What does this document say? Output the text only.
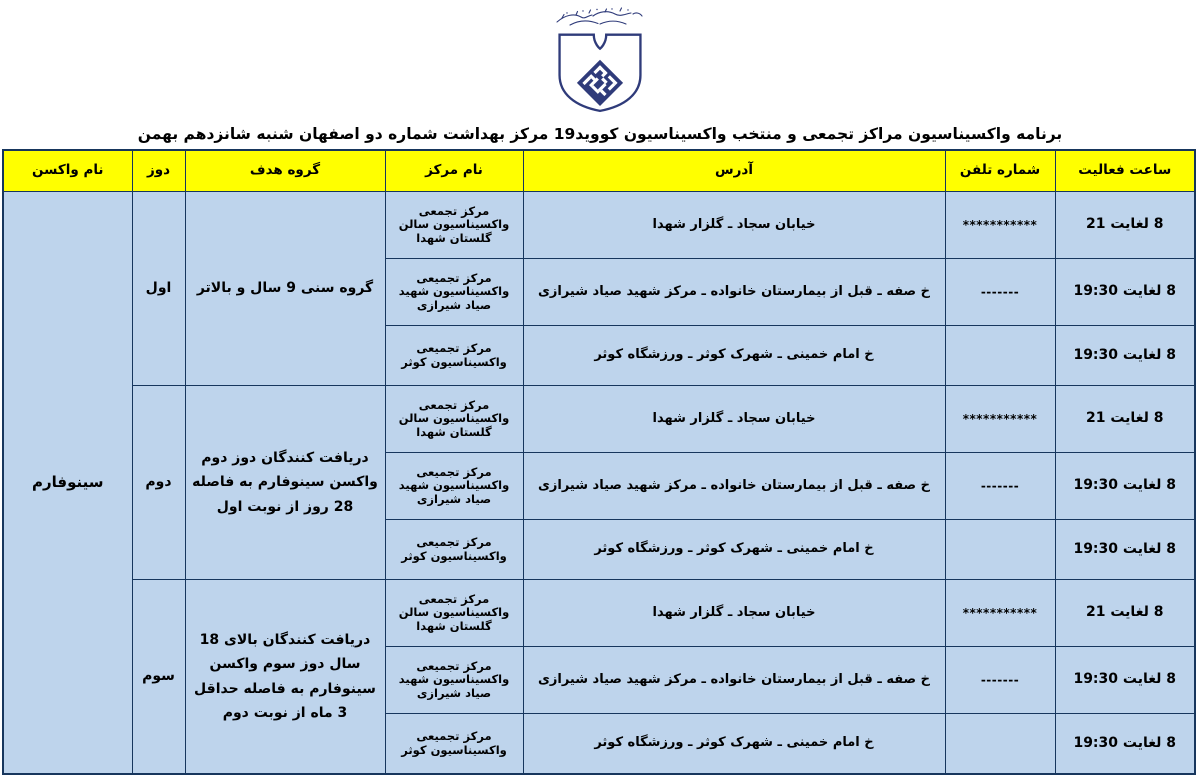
برنامه واکسیناسیون مراکز تجمعی و منتخب واکسیناسیون کووید19 مرکز بهداشت شماره دو اصفهان شنبه شانزدهم بهمن
ساعت فعالیت	شماره تلفن	آدرس	نام مرکز	گروه هدف	دوز	نام واکسن
8 لغایت 21	***********	خیابان سجاد ـ گلزار شهدا	مرکز تجمعی واکسیناسیون سالن گلستان شهدا	گروه سنی 9 سال و بالاتر	اول	سینوفارم
8 لغایت 19:30	-------	خ صفه ـ قبل از بیمارستان خانواده ـ مرکز شهید صیاد شیرازی	مرکز تجمیعی واکسیناسیون شهید صیاد شیرازی			
8 لغایت 19:30		خ امام خمینی ـ شهرک کوثر ـ ورزشگاه کوثر	مرکز تجمیعی واکسیناسیون کوثر			
8 لغایت 21	***********	خیابان سجاد ـ گلزار شهدا	مرکز تجمعی واکسیناسیون سالن گلستان شهدا	دریافت کنندگان دوز دوم واکسن سینوفارم به فاصله 28 روز از نوبت اول	دوم	
8 لغایت 19:30	-------	خ صفه ـ قبل از بیمارستان خانواده ـ مرکز شهید صیاد شیرازی	مرکز تجمیعی واکسیناسیون شهید صیاد شیرازی			
8 لغایت 19:30		خ امام خمینی ـ شهرک کوثر ـ ورزشگاه کوثر	مرکز تجمیعی واکسیناسیون کوثر			
8 لغایت 21	***********	خیابان سجاد ـ گلزار شهدا	مرکز تجمعی واکسیناسیون سالن گلستان شهدا	دریافت کنندگان بالای 18 سال دوز سوم واکسن سینوفارم به فاصله حداقل 3 ماه از نوبت دوم	سوم	
8 لغایت 19:30	-------	خ صفه ـ قبل از بیمارستان خانواده ـ مرکز شهید صیاد شیرازی	مرکز تجمیعی واکسیناسیون شهید صیاد شیرازی			
8 لغایت 19:30		خ امام خمینی ـ شهرک کوثر ـ ورزشگاه کوثر	مرکز تجمیعی واکسیناسیون کوثر			
